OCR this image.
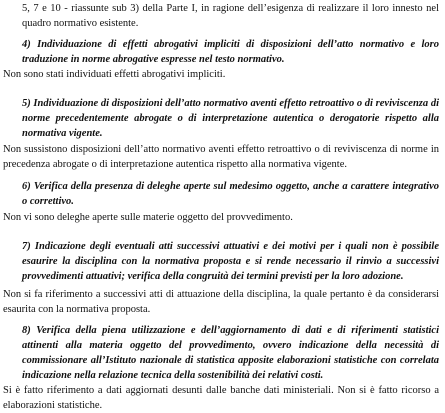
5, 7 e 10 - riassunte sub 3) della Parte I, in ragione dell’esigenza di realizzare il loro innesto nel quadro normativo esistente.

4) Individuazione di effetti abrogativi impliciti di disposizioni dell’atto normativo e loro traduzione in norme abrogative espresse nel testo normativo.

Non sono stati individuati effetti abrogativi impliciti.

5) Individuazione di disposizioni dell’atto normativo aventi effetto retroattivo o di reviviscenza di norme precedentemente abrogate o di interpretazione autentica o derogatorie rispetto alla normativa vigente.

Non sussistono disposizioni dell’atto normativo aventi effetto retroattivo o di reviviscenza di norme in precedenza abrogate o di interpretazione autentica rispetto alla normativa vigente.

6) Verifica della presenza di deleghe aperte sul medesimo oggetto, anche a carattere integrativo o correttivo.

Non vi sono deleghe aperte sulle materie oggetto del provvedimento.

7) Indicazione degli eventuali atti successivi attuativi e dei motivi per i quali non è possibile esaurire la disciplina con la normativa proposta e si rende necessario il rinvio a successivi provvedimenti attuativi; verifica della congruità dei termini previsti per la loro adozione.

Non si fa riferimento a successivi atti di attuazione della disciplina, la quale pertanto è da considerarsi esaurita con la normativa proposta.

8) Verifica della piena utilizzazione e dell’aggiornamento di dati e di riferimenti statistici attinenti alla materia oggetto del provvedimento, ovvero indicazione della necessità di commissionare all’Istituto nazionale di statistica apposite elaborazioni statistiche con correlata indicazione nella relazione tecnica della sostenibilità dei relativi costi.

Si è fatto riferimento a dati aggiornati desunti dalle banche dati ministeriali. Non si è fatto ricorso a elaborazioni statistiche.
